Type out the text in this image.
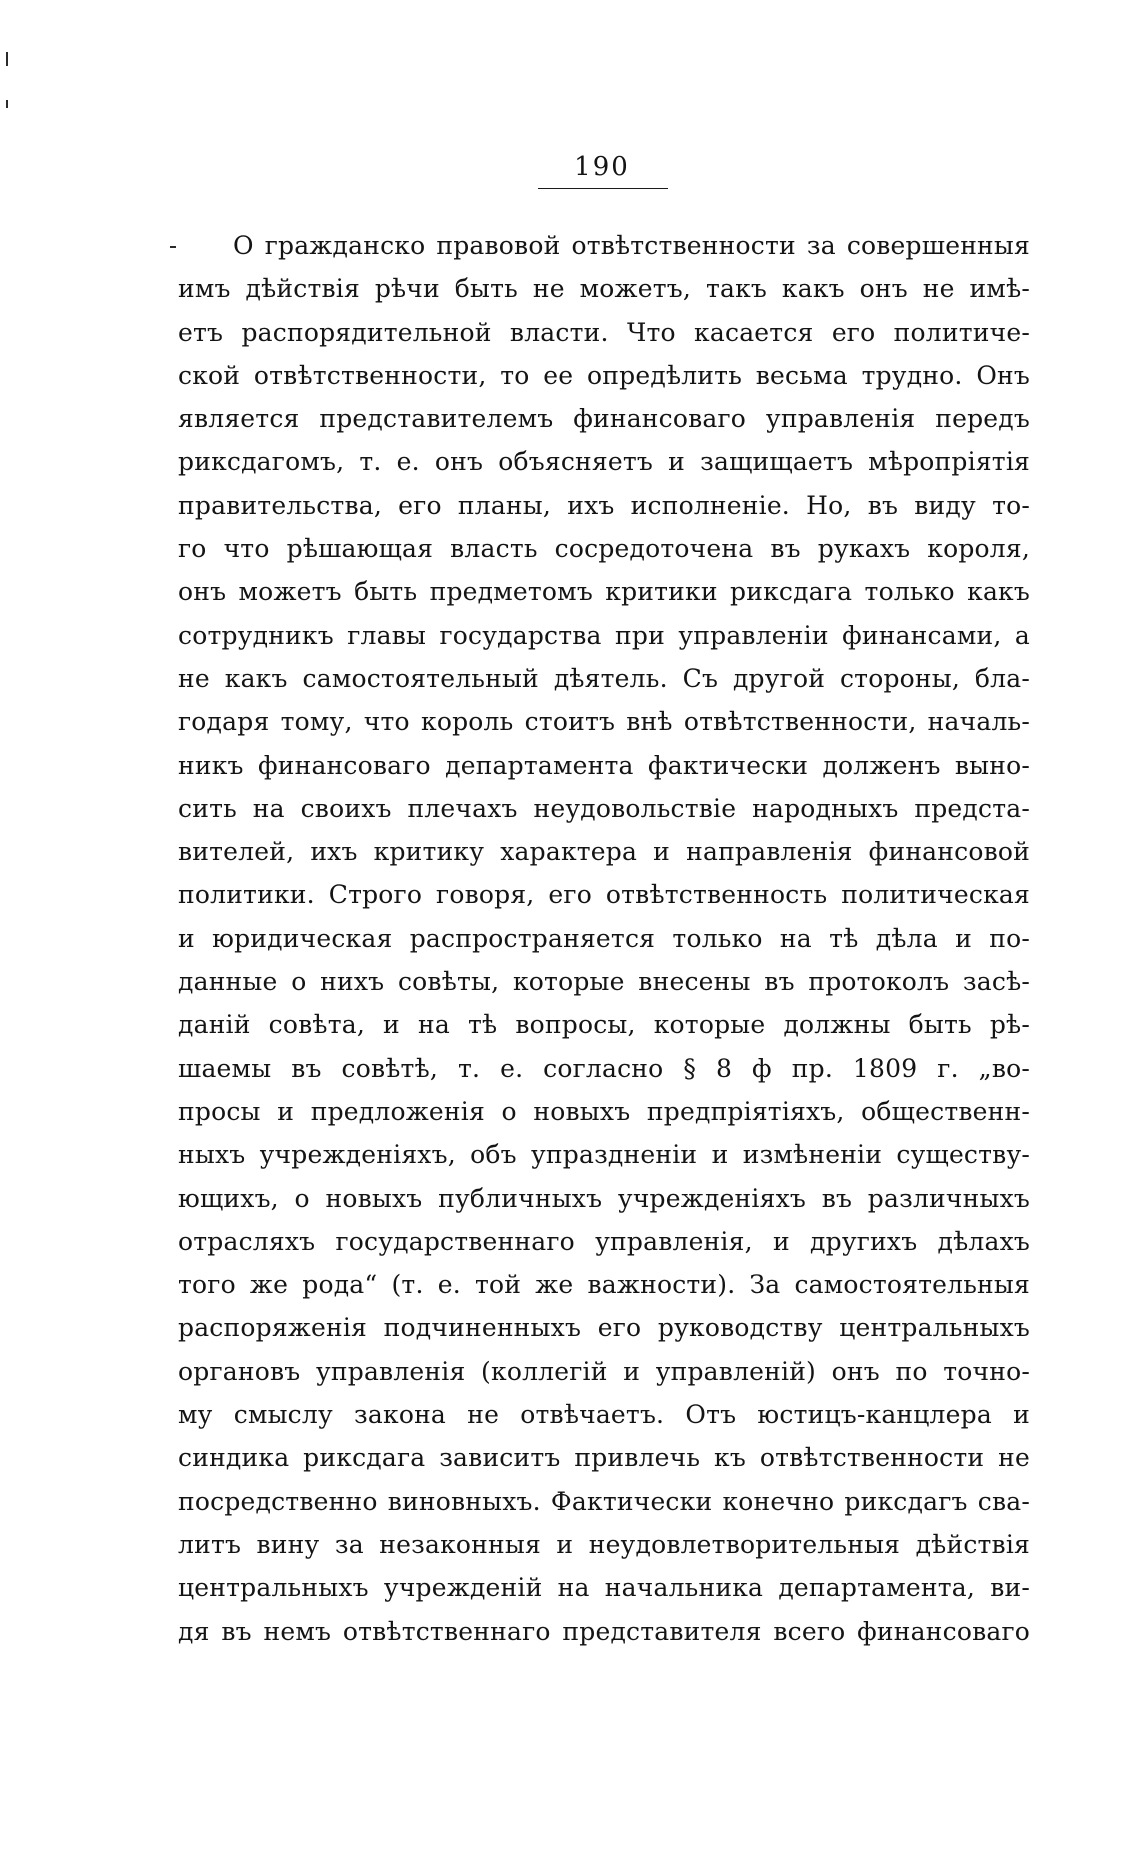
190
О гражданско правовой отвѣтственности за совершенныя
имъ дѣйствія рѣчи быть не можетъ, такъ какъ онъ не имѣ-
етъ распорядительной власти. Что касается его политиче-
ской отвѣтственности, то ее опредѣлить весьма трудно. Онъ
является представителемъ финансоваго управленія передъ
риксдагомъ, т. е. онъ объясняетъ и защищаетъ мѣропріятія
правительства, его планы, ихъ исполненіе. Но, въ виду то-
го что рѣшающая власть сосредоточена въ рукахъ короля,
онъ можетъ быть предметомъ критики риксдага только какъ
сотрудникъ главы государства при управленіи финансами, а
не какъ самостоятельный дѣятель. Съ другой стороны, бла-
годаря тому, что король стоитъ внѣ отвѣтственности, началь-
никъ финансоваго департамента фактически долженъ выно-
сить на своихъ плечахъ неудовольствіе народныхъ предста-
вителей, ихъ критику характера и направленія финансовой
политики. Строго говоря, его отвѣтственность политическая
и юридическая распространяется только на тѣ дѣла и по-
данные о нихъ совѣты, которые внесены въ протоколъ засѣ-
даній совѣта, и на тѣ вопросы, которые должны быть рѣ-
шаемы въ совѣтѣ, т. е. согласно § 8 ф пр. 1809 г. „во-
просы и предложенія о новыхъ предпріятіяхъ, общественн-
ныхъ учрежденіяхъ, объ упраздненіи и измѣненіи существу-
ющихъ, о новыхъ публичныхъ учрежденіяхъ въ различныхъ
отрасляхъ государственнаго управленія, и другихъ дѣлахъ
того же рода“ (т. е. той же важности). За самостоятельныя
распоряженія подчиненныхъ его руководству центральныхъ
органовъ управленія (коллегій и управленій) онъ по точно-
му смыслу закона не отвѣчаетъ. Отъ юстицъ-канцлера и
синдика риксдага зависитъ привлечь къ отвѣтственности не
посредственно виновныхъ. Фактически конечно риксдагъ сва-
литъ вину за незаконныя и неудовлетворительныя дѣйствія
центральныхъ учрежденій на начальника департамента, ви-
дя въ немъ отвѣтственнаго представителя всего финансоваго
